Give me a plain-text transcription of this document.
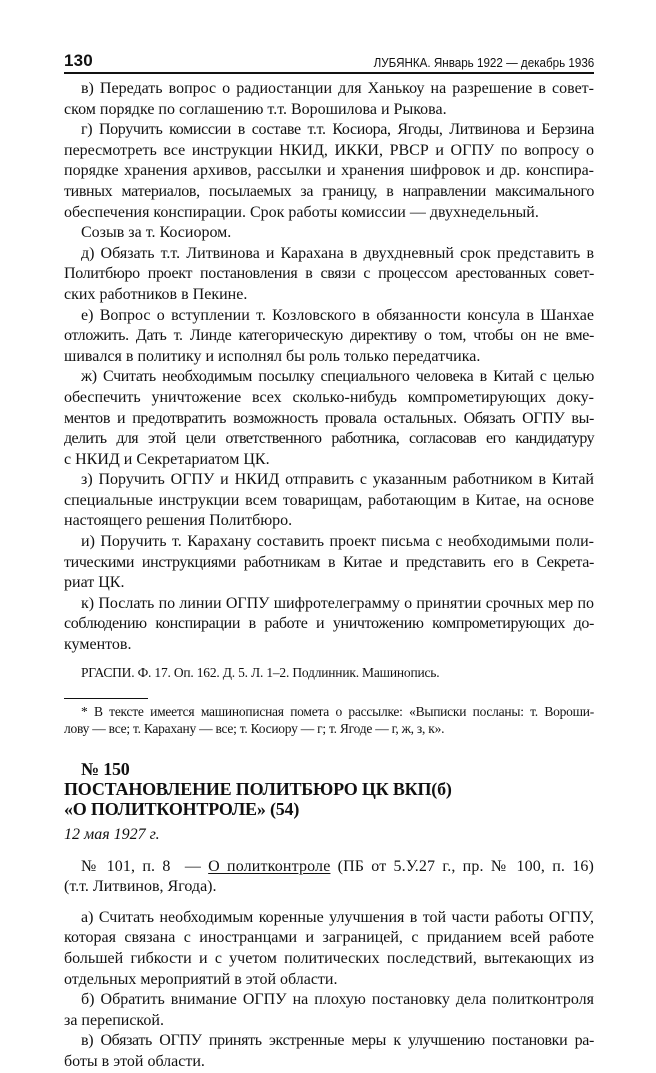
130	ЛУБЯНКА. Январь 1922 — декабрь 1936
в) Передать вопрос о радиостанции для Ханькоу на разрешение в совет-
ском порядке по соглашению т.т. Ворошилова и Рыкова.
г) Поручить комиссии в составе т.т. Косиора, Ягоды, Литвинова и Берзина
пересмотреть все инструкции НКИД, ИККИ, РВСР и ОГПУ по вопросу о
порядке хранения архивов, рассылки и хранения шифровок и др. конспира-
тивных материалов, посылаемых за границу, в направлении максимального
обеспечения конспирации. Срок работы комиссии — двухнедельный.
Созыв за т. Косиором.
д) Обязать т.т. Литвинова и Карахана в двухдневный срок представить в
Политбюро проект постановления в связи с процессом арестованных совет-
ских работников в Пекине.
е) Вопрос о вступлении т. Козловского в обязанности консула в Шанхае
отложить. Дать т. Линде категорическую директиву о том, чтобы он не вме-
шивался в политику и исполнял бы роль только передатчика.
ж) Считать необходимым посылку специального человека в Китай с целью
обеспечить уничтожение всех сколько-нибудь компрометирующих доку-
ментов и предотвратить возможность провала остальных. Обязать ОГПУ вы-
делить для этой цели ответственного работника, согласовав его кандидатуру
с НКИД и Секретариатом ЦК.
з) Поручить ОГПУ и НКИД отправить с указанным работником в Китай
специальные инструкции всем товарищам, работающим в Китае, на основе
настоящего решения Политбюро.
и) Поручить т. Карахану составить проект письма с необходимыми поли-
тическими инструкциями работникам в Китае и представить его в Секрета-
риат ЦК.
к) Послать по линии ОГПУ шифротелеграмму о принятии срочных мер по
соблюдению конспирации в работе и уничтожению компрометирующих до-
кументов.
РГАСПИ. Ф. 17. Оп. 162. Д. 5. Л. 1–2. Подлинник. Машинопись.
* В тексте имеется машинописная помета о рассылке: «Выписки посланы: т. Вороши-
лову — все; т. Карахану — все; т. Косиору — г; т. Ягоде — г, ж, з, к».
№ 150
ПОСТАНОВЛЕНИЕ ПОЛИТБЮРО ЦК ВКП(б)
«О ПОЛИТКОНТРОЛЕ» (54)
12 мая 1927 г.
№ 101, п. 8  — О политконтроле (ПБ от 5.У.27 г., пр. № 100, п. 16)
(т.т. Литвинов, Ягода).
а) Считать необходимым коренные улучшения в той части работы ОГПУ,
которая связана с иностранцами и заграницей, с приданием всей работе
большей гибкости и с учетом политических последствий, вытекающих из
отдельных мероприятий в этой области.
б) Обратить внимание ОГПУ на плохую постановку дела политконтроля
за перепиской.
в) Обязать ОГПУ принять экстренные меры к улучшению постановки ра-
боты в этой области.
